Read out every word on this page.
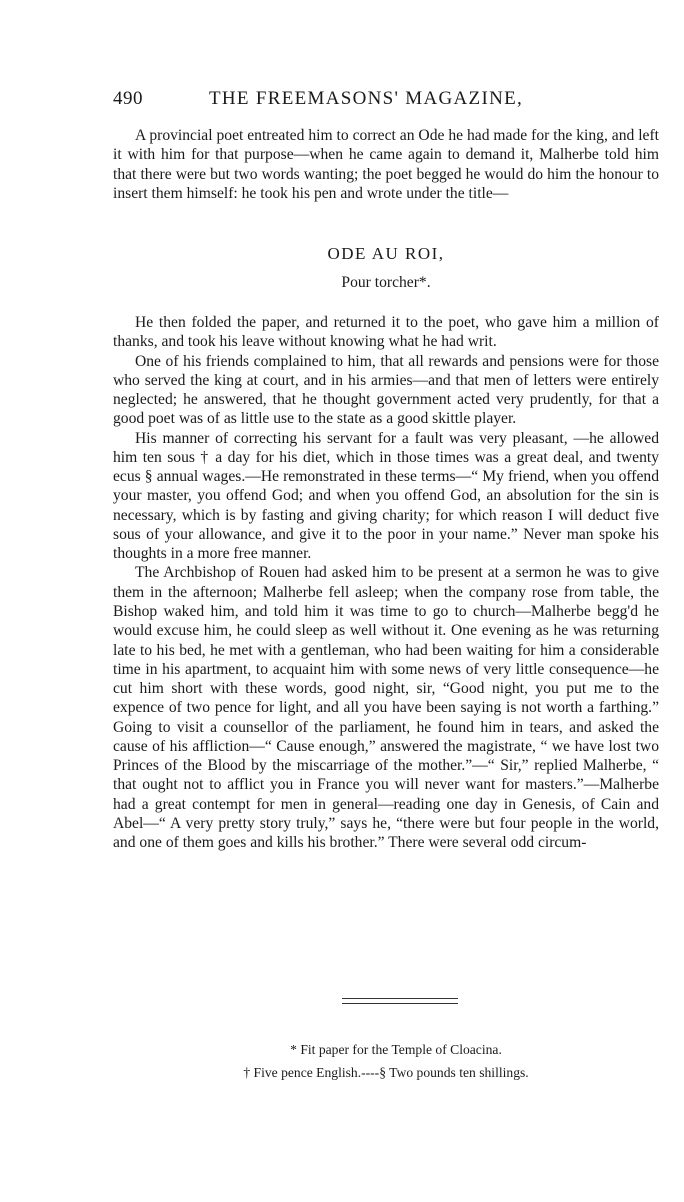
490	THE FREEMASONS' MAGAZINE,

A provincial poet entreated him to correct an Ode he had made for the king, and left it with him for that purpose—when he came again to demand it, Malherbe told him that there were but two words wanting; the poet begged he would do him the honour to insert them himself: he took his pen and wrote under the title—

ODE AU ROI,
Pour torcher*.

He then folded the paper, and returned it to the poet, who gave him a million of thanks, and took his leave without knowing what he had writ.

One of his friends complained to him, that all rewards and pensions were for those who served the king at court, and in his armies—and that men of letters were entirely neglected; he answered, that he thought government acted very prudently, for that a good poet was of as little use to the state as a good skittle player.

His manner of correcting his servant for a fault was very pleasant, —he allowed him ten sous † a day for his diet, which in those times was a great deal, and twenty ecus § annual wages.—He remonstrated in these terms—“ My friend, when you offend your master, you offend God; and when you offend God, an absolution for the sin is necessary, which is by fasting and giving charity; for which reason I will deduct five sous of your allowance, and give it to the poor in your name.” Never man spoke his thoughts in a more free manner.

The Archbishop of Rouen had asked him to be present at a sermon he was to give them in the afternoon; Malherbe fell asleep; when the company rose from table, the Bishop waked him, and told him it was time to go to church—Malherbe begg'd he would excuse him, he could sleep as well without it. One evening as he was returning late to his bed, he met with a gentleman, who had been waiting for him a considerable time in his apartment, to acquaint him with some news of very little consequence—he cut him short with these words, good night, sir, “Good night, you put me to the expence of two pence for light, and all you have been saying is not worth a farthing.” Going to visit a counsellor of the parliament, he found him in tears, and asked the cause of his affliction—“ Cause enough,” answered the magistrate, “ we have lost two Princes of the Blood by the miscarriage of the mother.”—“ Sir,” replied Malherbe, “ that ought not to afflict you in France you will never want for masters.”—Malherbe had a great contempt for men in general—reading one day in Genesis, of Cain and Abel—“ A very pretty story truly,” says he, “there were but four people in the world, and one of them goes and kills his brother.” There were several odd circum-

* Fit paper for the Temple of Cloacina.
† Five pence English.----§ Two pounds ten shillings.
